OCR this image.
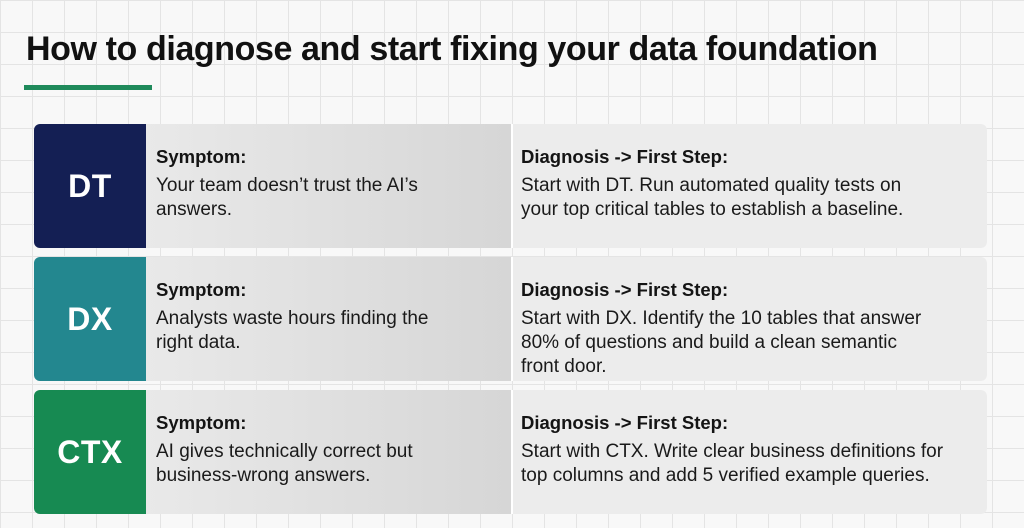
How to diagnose and start fixing your data foundation
DT
Symptom:
Your team doesn’t trust the AI’s
answers.
Diagnosis -> First Step:
Start with DT. Run automated quality tests on
your top critical tables to establish a baseline.
DX
Symptom:
Analysts waste hours finding the
right data.
Diagnosis -> First Step:
Start with DX. Identify the 10 tables that answer
80% of questions and build a clean semantic
front door.
CTX
Symptom:
AI gives technically correct but
business-wrong answers.
Diagnosis -> First Step:
Start with CTX. Write clear business definitions for
top columns and add 5 verified example queries.
